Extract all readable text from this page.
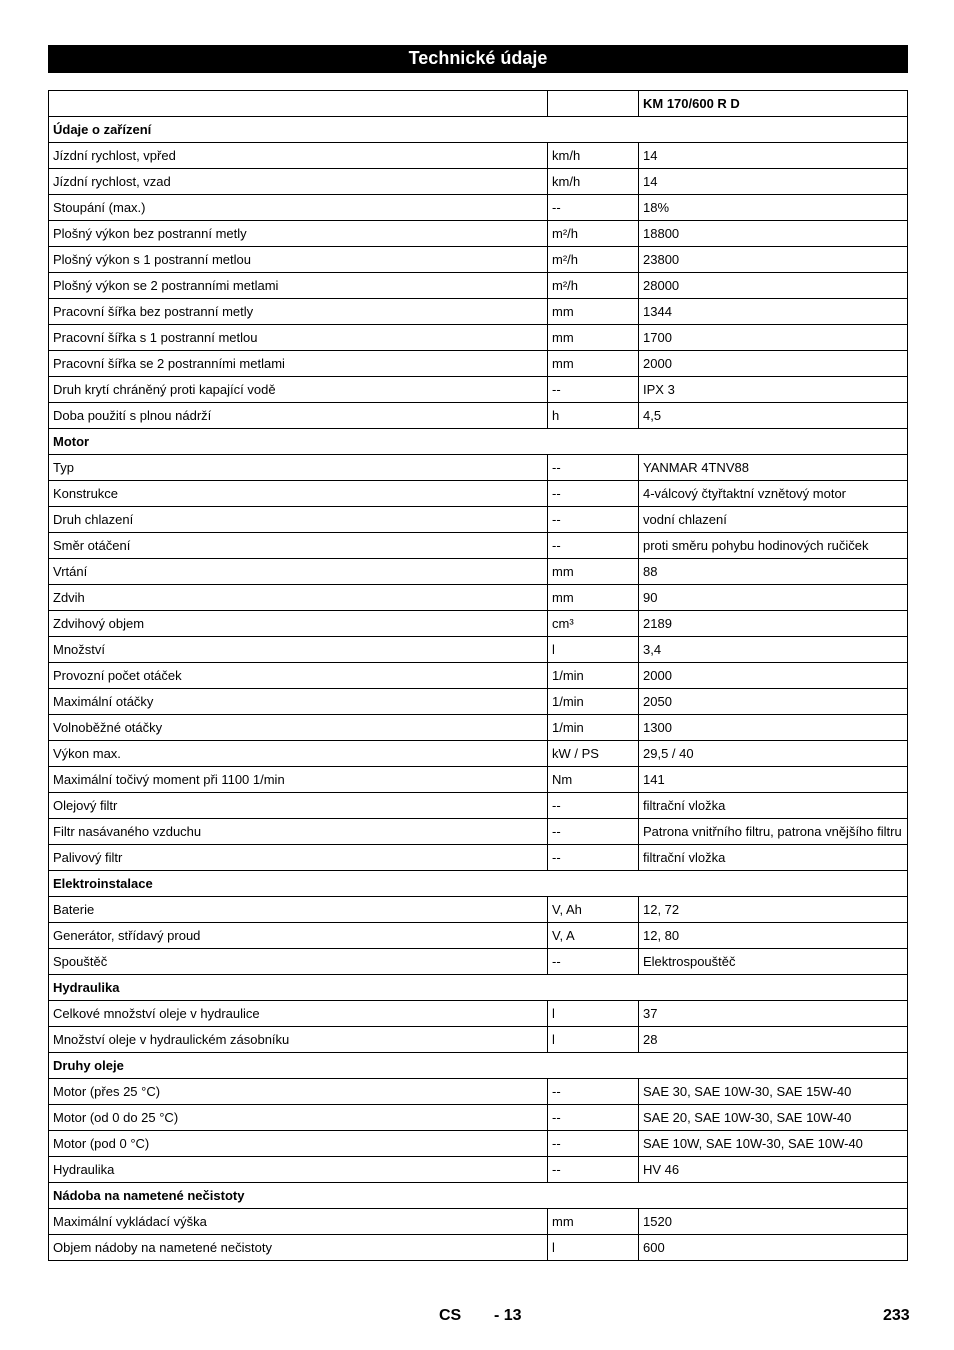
Technické údaje
		KM 170/600 R D
Údaje o zařízení		
Jízdní rychlost, vpřed	km/h	14
Jízdní rychlost, vzad	km/h	14
Stoupání (max.)	--	18%
Plošný výkon bez postranní metly	m²/h	18800
Plošný výkon s 1 postranní metlou	m²/h	23800
Plošný výkon se 2 postranními metlami	m²/h	28000
Pracovní šířka bez postranní metly	mm	1344
Pracovní šířka s 1 postranní metlou	mm	1700
Pracovní šířka se 2 postranními metlami	mm	2000
Druh krytí chráněný proti kapající vodě	--	IPX 3
Doba použití s plnou nádrží	h	4,5
Motor		
Typ	--	YANMAR 4TNV88
Konstrukce	--	4-válcový čtyřtaktní vznětový motor
Druh chlazení	--	vodní chlazení
Směr otáčení	--	proti směru pohybu hodinových ručiček
Vrtání	mm	88
Zdvih	mm	90
Zdvihový objem	cm³	2189
Množství	l	3,4
Provozní počet otáček	1/min	2000
Maximální otáčky	1/min	2050
Volnoběžné otáčky	1/min	1300
Výkon max.	kW / PS	29,5 / 40
Maximální točivý moment při 1100 1/min	Nm	141
Olejový filtr	--	filtrační vložka
Filtr nasávaného vzduchu	--	Patrona vnitřního filtru, patrona vnějšího filtru
Palivový filtr	--	filtrační vložka
Elektroinstalace		
Baterie	V, Ah	12, 72
Generátor, střídavý proud	V, A	12, 80
Spouštěč	--	Elektrospouštěč
Hydraulika		
Celkové množství oleje v hydraulice	l	37
Množství oleje v hydraulickém zásobníku	l	28
Druhy oleje		
Motor (přes 25 °C)	--	SAE 30, SAE 10W-30, SAE 15W-40
Motor (od 0 do 25 °C)	--	SAE 20, SAE 10W-30, SAE 10W-40
Motor (pod 0 °C)	--	SAE 10W, SAE 10W-30, SAE 10W-40
Hydraulika	--	HV 46
Nádoba na nametené nečistoty		
Maximální vykládací výška	mm	1520
Objem nádoby na nametené nečistoty	l	600
CS - 13	233
